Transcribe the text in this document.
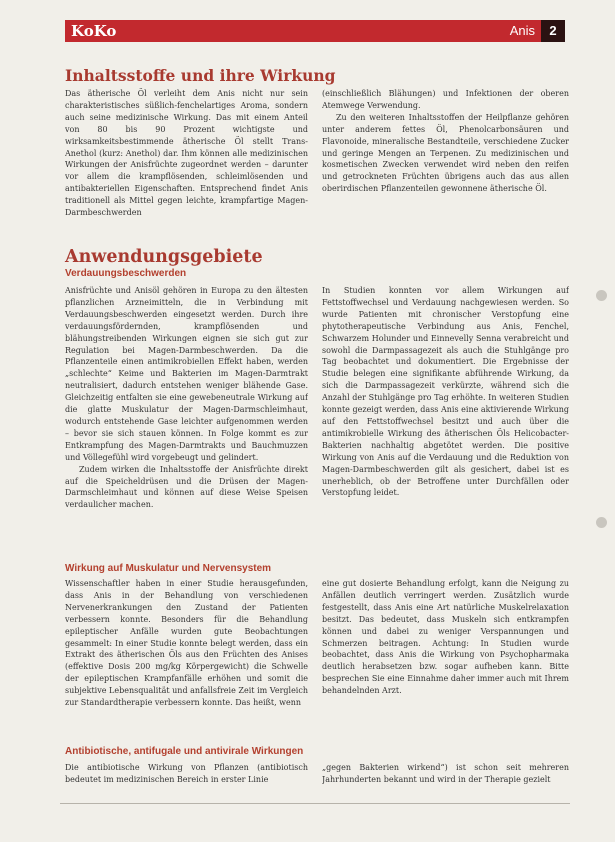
KoKo	Anis	2
Inhaltsstoffe und ihre Wirkung

Das ätherische Öl verleiht dem Anis nicht nur sein charakteristisches süßlich-fenchelartiges Aroma, sondern auch seine medizinische Wirkung. Das mit einem Anteil von 80 bis 90 Prozent wichtigste und wirksamkeitsbestimmende ätherische Öl stellt Trans-Anethol (kurz: Anethol) dar. Ihm können alle medizinischen Wirkungen der Anisfrüchte zugeordnet werden – darunter vor allem die krampflösenden, schleimlösenden und antibakteriellen Eigenschaften. Entsprechend findet Anis traditionell als Mittel gegen leichte, krampfartige Magen-Darmbeschwerden

(einschließlich Blähungen) und Infektionen der oberen Atemwege Verwendung.

Zu den weiteren Inhaltsstoffen der Heilpflanze gehören unter anderem fettes Öl, Phenolcarbonsäuren und Flavonoide, mineralische Bestandteile, verschiedene Zucker und geringe Mengen an Terpenen. Zu medizinischen und kosmetischen Zwecken verwendet wird neben den reifen und getrockneten Früchten übrigens auch das aus allen oberirdischen Pflanzenteilen gewonnene ätherische Öl.

Anwendungsgebiete
Verdauungsbeschwerden

Anisfrüchte und Anisöl gehören in Europa zu den ältesten pflanzlichen Arzneimitteln, die in Verbindung mit Verdauungsbeschwerden eingesetzt werden. Durch ihre verdauungsfördernden, krampflösenden und blähungstreibenden Wirkungen eignen sie sich gut zur Regulation bei Magen-Darmbeschwerden. Da die Pflanzenteile einen antimikrobiellen Effekt haben, werden „schlechte“ Keime und Bakterien im Magen-Darmtrakt neutralisiert, dadurch entstehen weniger blähende Gase. Gleichzeitig entfalten sie eine gewebeneutrale Wirkung auf die glatte Muskulatur der Magen-Darmschleimhaut, wodurch entstehende Gase leichter aufgenommen werden – bevor sie sich stauen können. In Folge kommt es zur Entkrampfung des Magen-Darmtrakts und Bauchmuzzen und Völlegefühl wird vorgebeugt und gelindert.

Zudem wirken die Inhaltsstoffe der Anisfrüchte direkt auf die Speicheldrüsen und die Drüsen der Magen-Darmschleimhaut und können auf diese Weise Speisen verdaulicher machen.

In Studien konnten vor allem Wirkungen auf Fettstoffwechsel und Verdauung nachgewiesen werden. So wurde Patienten mit chronischer Verstopfung eine phytotherapeutische Verbindung aus Anis, Fenchel, Schwarzem Holunder und Einnevelly Senna verabreicht und sowohl die Darmpassagezeit als auch die Stuhlgänge pro Tag beobachtet und dokumentiert. Die Ergebnisse der Studie belegen eine signifikante abführende Wirkung, da sich die Darmpassagezeit verkürzte, während sich die Anzahl der Stuhlgänge pro Tag erhöhte. In weiteren Studien konnte gezeigt werden, dass Anis eine aktivierende Wirkung auf den Fettstoffwechsel besitzt und auch über die antimikrobielle Wirkung des ätherischen Öls Helicobacter-Bakterien nachhaltig abgetötet werden. Die positive Wirkung von Anis auf die Verdauung und die Reduktion von Magen-Darmbeschwerden gilt als gesichert, dabei ist es unerheblich, ob der Betroffene unter Durchfällen oder Verstopfung leidet.

Wirkung auf Muskulatur und Nervensystem

Wissenschaftler haben in einer Studie herausgefunden, dass Anis in der Behandlung von verschiedenen Nervenerkrankungen den Zustand der Patienten verbessern konnte. Besonders für die Behandlung epileptischer Anfälle wurden gute Beobachtungen gesammelt: In einer Studie konnte belegt werden, dass ein Extrakt des ätherischen Öls aus den Früchten des Anises (effektive Dosis 200 mg/kg Körpergewicht) die Schwelle der epileptischen Krampfanfälle erhöhen und somit die subjektive Lebensqualität und anfallsfreie Zeit im Vergleich zur Standardtherapie verbessern konnte. Das heißt, wenn

eine gut dosierte Behandlung erfolgt, kann die Neigung zu Anfällen deutlich verringert werden. Zusätzlich wurde festgestellt, dass Anis eine Art natürliche Muskelrelaxation besitzt. Das bedeutet, dass Muskeln sich entkrampfen können und dabei zu weniger Verspannungen und Schmerzen beitragen. Achtung: In Studien wurde beobachtet, dass Anis die Wirkung von Psychopharmaka deutlich herabsetzen bzw. sogar aufheben kann. Bitte besprechen Sie eine Einnahme daher immer auch mit Ihrem behandelnden Arzt.

Antibiotische, antifugale und antivirale Wirkungen

Die antibiotische Wirkung von Pflanzen (antibiotisch bedeutet im medizinischen Bereich in erster Linie

„gegen Bakterien wirkend“) ist schon seit mehreren Jahrhunderten bekannt und wird in der Therapie gezielt
